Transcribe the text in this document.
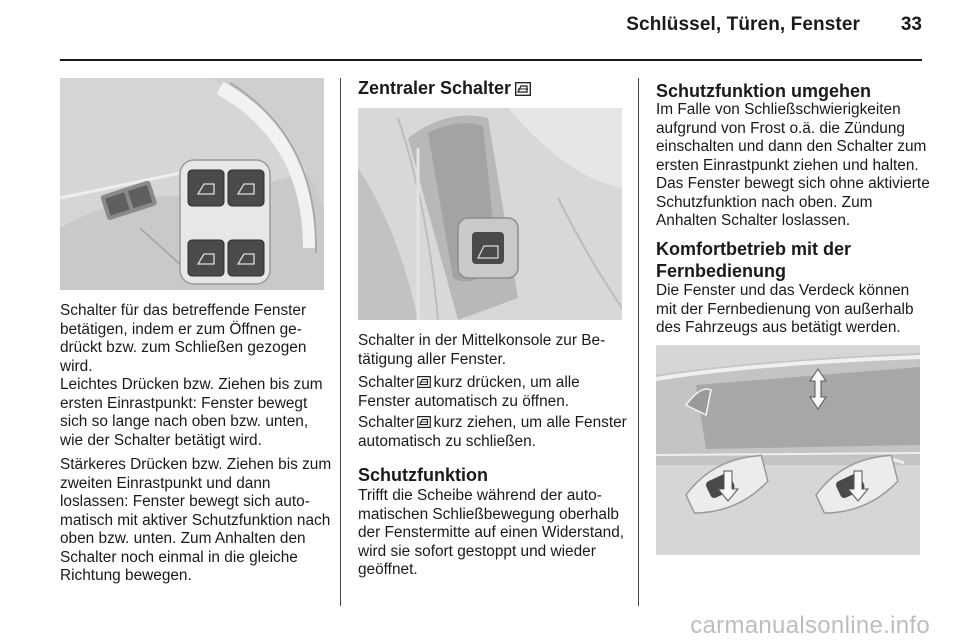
Schlüssel, Türen, Fenster	33
Schalter für das betreffende Fenster betätigen, indem er zum Öffnen gedrückt bzw. zum Schließen gezogen wird.
Leichtes Drücken bzw. Ziehen bis zum ersten Einrastpunkt: Fenster bewegt sich so lange nach oben bzw. unten, wie der Schalter betätigt wird.
Stärkeres Drücken bzw. Ziehen bis zum zweiten Einrastpunkt und dann loslassen: Fenster bewegt sich automatisch mit aktiver Schutzfunktion nach oben bzw. unten. Zum Anhalten den Schalter noch einmal in die gleiche Richtung bewegen.
Zentraler Schalter
Schalter in der Mittelkonsole zur Betätigung aller Fenster.
Schalter kurz drücken, um alle Fenster automatisch zu öffnen.
Schalter kurz ziehen, um alle Fenster automatisch zu schließen.
Schutzfunktion
Trifft die Scheibe während der automatischen Schließbewegung oberhalb der Fenstermitte auf einen Widerstand, wird sie sofort gestoppt und wieder geöffnet.
Schutzfunktion umgehen
Im Falle von Schließschwierigkeiten aufgrund von Frost o.ä. die Zündung einschalten und dann den Schalter zum ersten Einrastpunkt ziehen und halten. Das Fenster bewegt sich ohne aktivierte Schutzfunktion nach oben. Zum Anhalten Schalter loslassen.
Komfortbetrieb mit der Fernbedienung
Die Fenster und das Verdeck können mit der Fernbedienung von außerhalb des Fahrzeugs aus betätigt werden.
carmanualsonline.info
